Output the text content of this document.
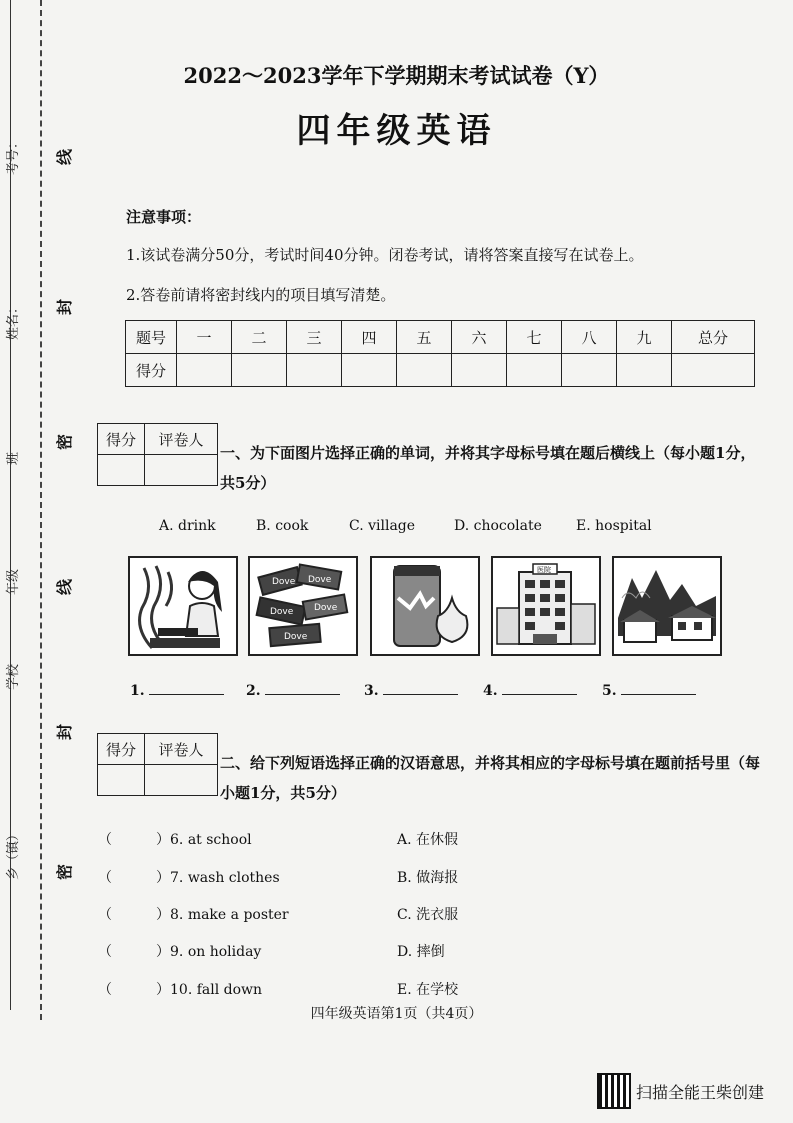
线
封
密
线
封
密
考号：
姓名：
班
年级
学校
乡（镇）
2022～2023学年下学期期末考试试卷（Y）
四年级英语
注意事项：
1.该试卷满分50分，考试时间40分钟。闭卷考试，请将答案直接写在试卷上。
2.答卷前请将密封线内的项目填写清楚。
题号	一	二	三	四	五	六	七	八	九	总分
得分										
得分	评卷人

一、为下面图片选择正确的单词，并将其字母标号填在题后横线上（每小题1分，共5分）
A. drink	B. cook	C. village	D. chocolate E. hospital
Dove Dove
Dove Dove
Dove
医院
1.	2.	3.	4.	5.
得分	评卷人

二、给下列短语选择正确的汉语意思，并将其相应的字母标号填在题前括号里（每小题1分，共5分）
（	）6. at school	A. 在休假
（	）7. wash clothes	B. 做海报
（	）8. make a poster	C. 洗衣服
（	）9. on holiday	D. 摔倒
（	）10. fall down	E. 在学校
四年级英语第1页（共4页）
扫描全能王柴创建
